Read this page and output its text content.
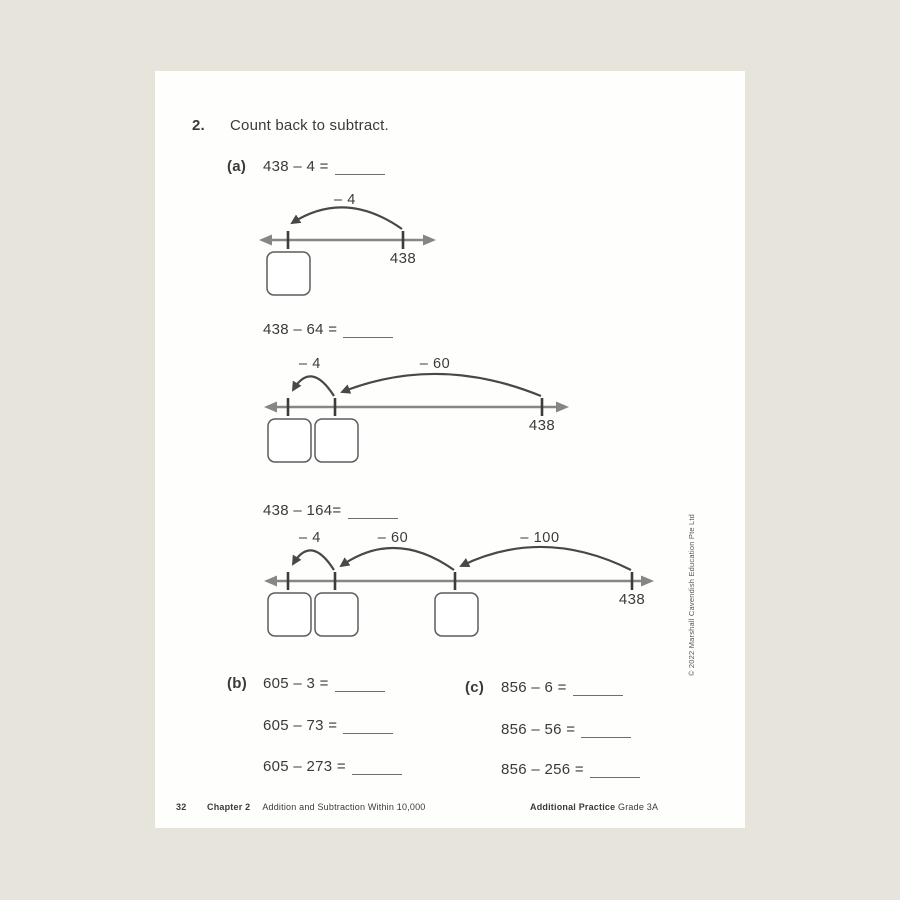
2.	Count back to subtract.
(a)	438 – 4 =
– 4
438
438 – 64 =
– 4	– 60
438
438 – 164=
– 4	– 60	– 100
438
(b)	605 – 3 =
605 – 73 =
605 – 273 =
(c)	856 – 6 =
856 – 56 =
856 – 256 =
32	Chapter 2 Addition and Subtraction Within 10,000	Additional Practice Grade 3A
© 2022 Marshall Cavendish Education Pte Ltd
